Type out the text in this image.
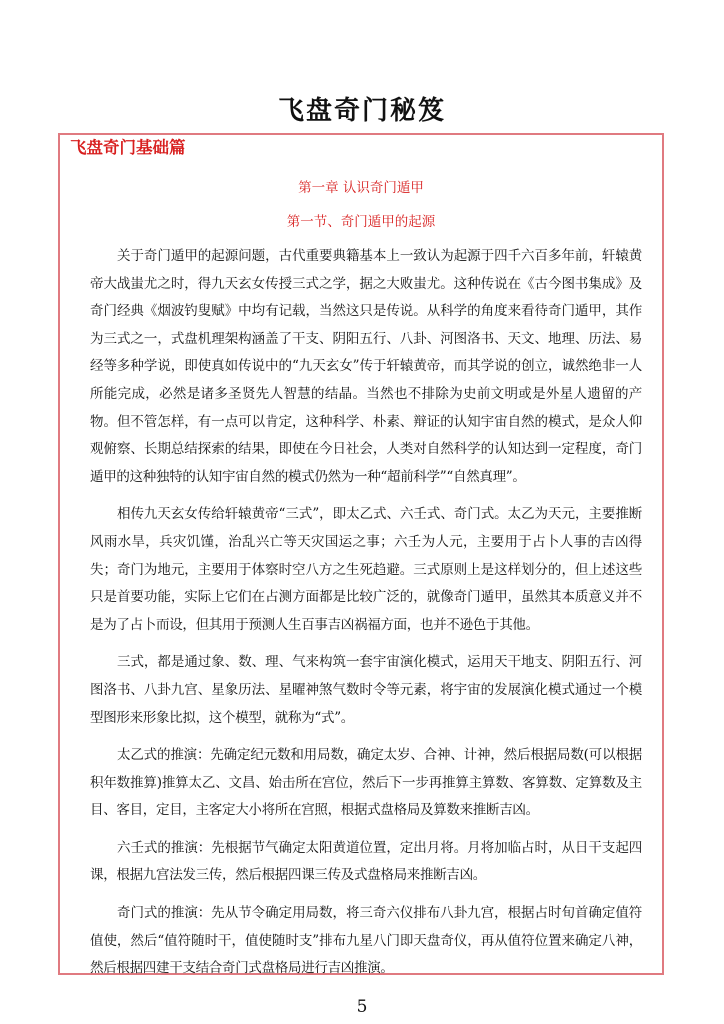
飞盘奇门秘笈
飞盘奇门基础篇
第一章 认识奇门遁甲
第一节、奇门遁甲的起源

关于奇门遁甲的起源问题，古代重要典籍基本上一致认为起源于四千六百多年前，轩辕黄帝大战蚩尤之时，得九天玄女传授三式之学，据之大败蚩尤。这种传说在《古今图书集成》及奇门经典《烟波钓叟赋》中均有记载，当然这只是传说。从科学的角度来看待奇门遁甲，其作为三式之一，式盘机理架构涵盖了干支、阴阳五行、八卦、河图洛书、天文、地理、历法、易经等多种学说，即使真如传说中的“九天玄女”传于轩辕黄帝，而其学说的创立，诚然绝非一人所能完成，必然是诸多圣贤先人智慧的结晶。当然也不排除为史前文明或是外星人遗留的产物。但不管怎样，有一点可以肯定，这种科学、朴素、辩证的认知宇宙自然的模式，是众人仰观俯察、长期总结探索的结果，即使在今日社会，人类对自然科学的认知达到一定程度，奇门遁甲的这种独特的认知宇宙自然的模式仍然为一种“超前科学”“自然真理”。

相传九天玄女传给轩辕黄帝“三式”，即太乙式、六壬式、奇门式。太乙为天元，主要推断风雨水旱，兵灾饥馑，治乱兴亡等天灾国运之事；六壬为人元，主要用于占卜人事的吉凶得失；奇门为地元，主要用于体察时空八方之生死趋避。三式原则上是这样划分的，但上述这些只是首要功能，实际上它们在占测方面都是比较广泛的，就像奇门遁甲，虽然其本质意义并不是为了占卜而设，但其用于预测人生百事吉凶祸福方面，也并不逊色于其他。

三式，都是通过象、数、理、气来构筑一套宇宙演化模式，运用天干地支、阴阳五行、河图洛书、八卦九宫、星象历法、星曜神煞气数时令等元素，将宇宙的发展演化模式通过一个模型图形来形象比拟，这个模型，就称为“式”。

太乙式的推演：先确定纪元数和用局数，确定太岁、合神、计神，然后根据局数(可以根据积年数推算)推算太乙、文昌、始击所在宫位，然后下一步再推算主算数、客算数、定算数及主目、客目，定目，主客定大小将所在宫照，根据式盘格局及算数来推断吉凶。

六壬式的推演：先根据节气确定太阳黄道位置，定出月将。月将加临占时，从日干支起四课，根据九宫法发三传，然后根据四课三传及式盘格局来推断吉凶。

奇门式的推演：先从节令确定用局数，将三奇六仪排布八卦九宫，根据占时旬首确定值符值使，然后“值符随时干，值使随时支”排布九星八门即天盘奇仪，再从值符位置来确定八神，然后根据四建干支结合奇门式盘格局进行吉凶推演。

5
